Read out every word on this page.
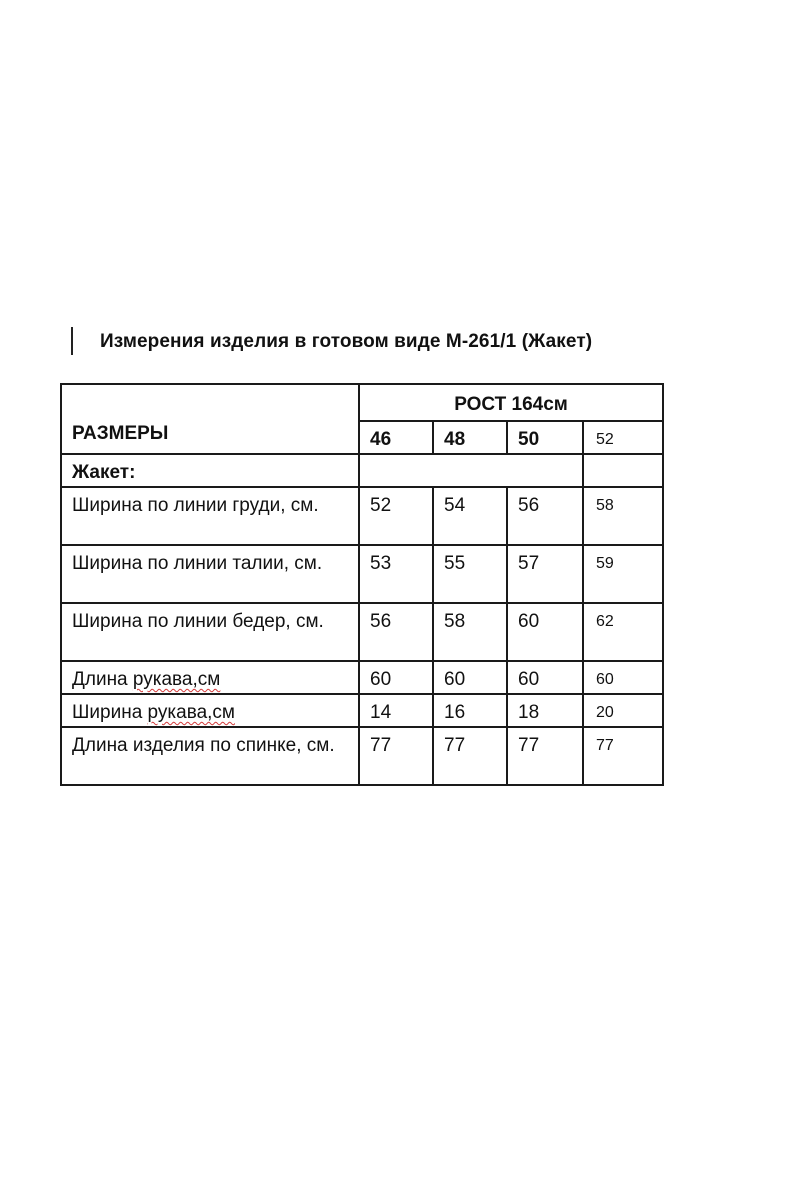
Измерения изделия в готовом виде М-261/1 (Жакет)
РАЗМЕРЫ	РОСТ 164см			
	46	48	50	52
Жакет:				
Ширина по линии груди, см.	52	54	56	58
Ширина по линии талии, см.	53	55	57	59
Ширина по линии бедер, см.	56	58	60	62
Длина рукава,см	60	60	60	60
Ширина рукава,см	14	16	18	20
Длина изделия по спинке, см.	77	77	77	77
